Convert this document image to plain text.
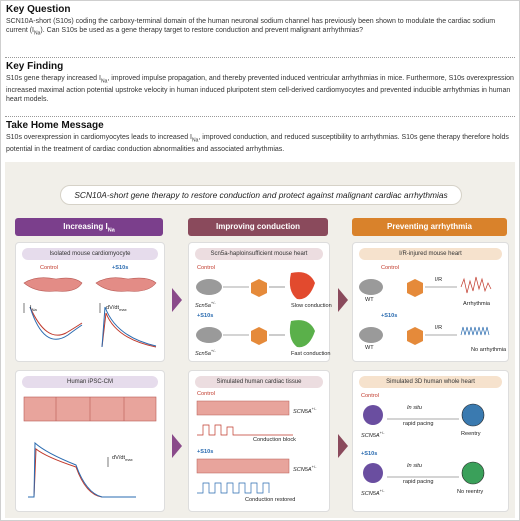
Key Question

SCN10A-short (S10s) coding the carboxy-terminal domain of the human neuronal sodium channel has previously been shown to modulate the cardiac sodium current $(I_{Na})$. Can S10s be used as a gene therapy target to restore conduction and prevent malignant arrhythmias?

Key Finding

S10s gene therapy increased $I_{Na}$, improved impulse propagation, and thereby prevented induced ventricular arrhythmias in mice. Furthermore, S10s overexpression increased maximal action potential upstroke velocity in human induced pluripotent stem cell-derived cardiomyocytes and prevented inducible arrhythmias in human heart models.

Take Home Message

S10s overexpression in cardiomyocytes leads to increased $I_{Na}$, improved conduction, and reduced susceptibility to arrhythmias. S10s gene therapy therefore holds potential in the treatment of cardiac conduction abnormalities and associated arrhythmias.

SCN10A-short gene therapy to restore conduction and protect against malignant cardiac arrhythmias
Increasing $I_{Na}$	Improving conduction	Preventing arrhythmia
Isolated mouse cardiomyocyte
Control	+S10s
$I_{Na}$	$dV/dt_{max}$
Scn5a-haploinsufficient mouse heart
Control
+S10s
Scn5a+/-
Scn5a+/-
Slow conduction
Fast conduction
I/R-injured mouse heart
Control
+S10s
WT
WT
I/R
I/R
Arrhythmia
No arrhythmia
Human iPSC-CM
$dV/dt_{max}$
Simulated human cardiac tissue
Control
+S10s
SCN5A+/-
SCN5A+/-
Conduction block
Conduction restored
Simulated 3D human whole heart
Control
+S10s
SCN5A+/-
SCN5A+/-
In situ
rapid pacing
In situ
rapid pacing
Reentry
No reentry
